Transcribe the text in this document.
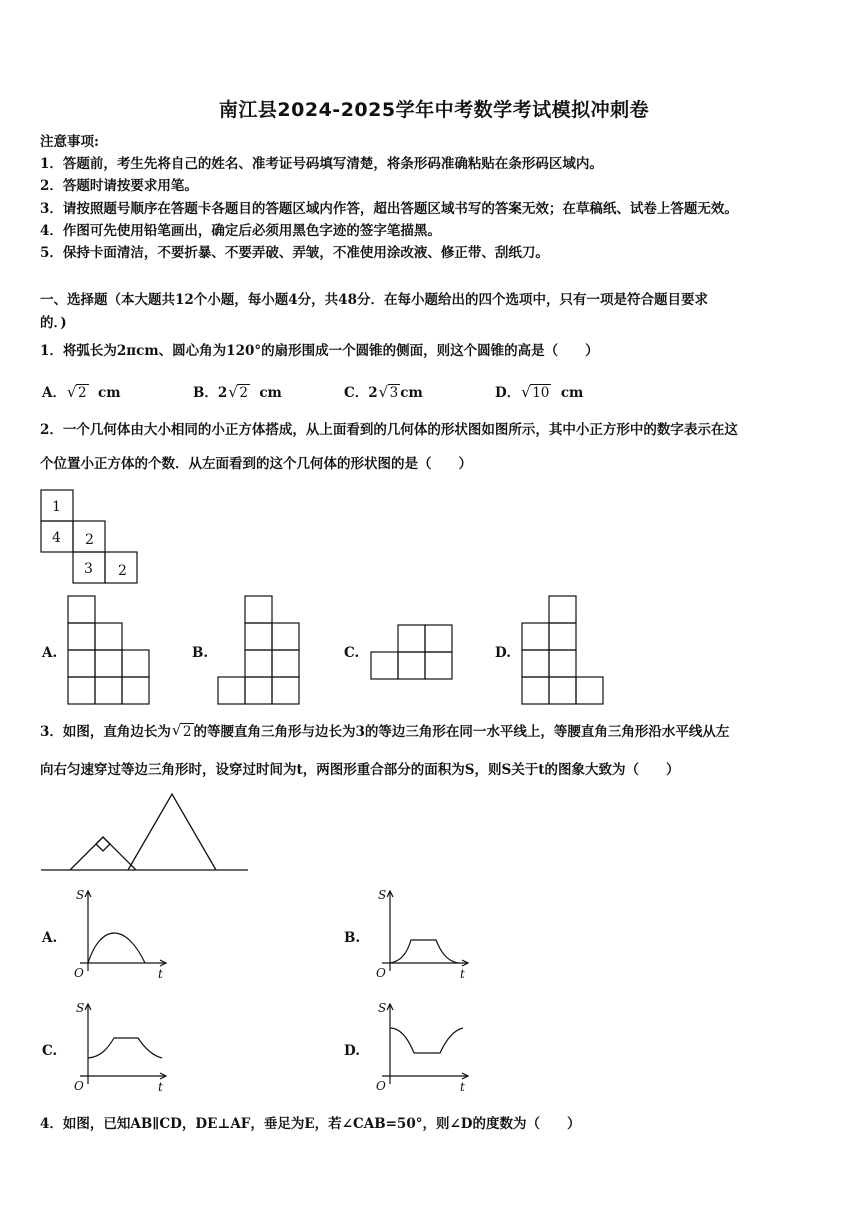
南江县2024-2025学年中考数学考试模拟冲刺卷
注意事项:
1．答题前，考生先将自己的姓名、准考证号码填写清楚，将条形码准确粘贴在条形码区域内。
2．答题时请按要求用笔。
3．请按照题号顺序在答题卡各题目的答题区域内作答，超出答题区域书写的答案无效；在草稿纸、试卷上答题无效。
4．作图可先使用铅笔画出，确定后必须用黑色字迹的签字笔描黑。
5．保持卡面清洁，不要折暴、不要弄破、弄皱，不准使用涂改液、修正带、刮纸刀。
一、选择题（本大题共12个小题，每小题4分，共48分．在每小题给出的四个选项中，只有一项是符合题目要求
的．)
1．将弧长为2πcm、圆心角为120°的扇形围成一个圆锥的侧面，则这个圆锥的高是（　　）
A． √ 2 cm	B．2 √ 2 cm	C．2 √ 3 cm	D． √ 10 cm
2．一个几何体由大小相同的小正方体搭成，从上面看到的几何体的形状图如图所示，其中小正方形中的数字表示在这
个位置小正方体的个数．从左面看到的这个几何体的形状图的是（　　）
1
4 2
3 2
A.	B.	C.	D.
3．如图，直角边长为 √ 2 的等腰直角三角形与边长为3的等边三角形在同一水平线上，等腰直角三角形沿水平线从左
向右匀速穿过等边三角形时，设穿过时间为t，两图形重合部分的面积为S，则S关于t的图象大致为（　　）
A.	B.
C.	D.
S
t
O
S
t
O
S
t
O
S
t
O
4．如图，已知AB∥CD，DE⊥AF，垂足为E，若∠CAB=50°，则∠D的度数为（　　）
